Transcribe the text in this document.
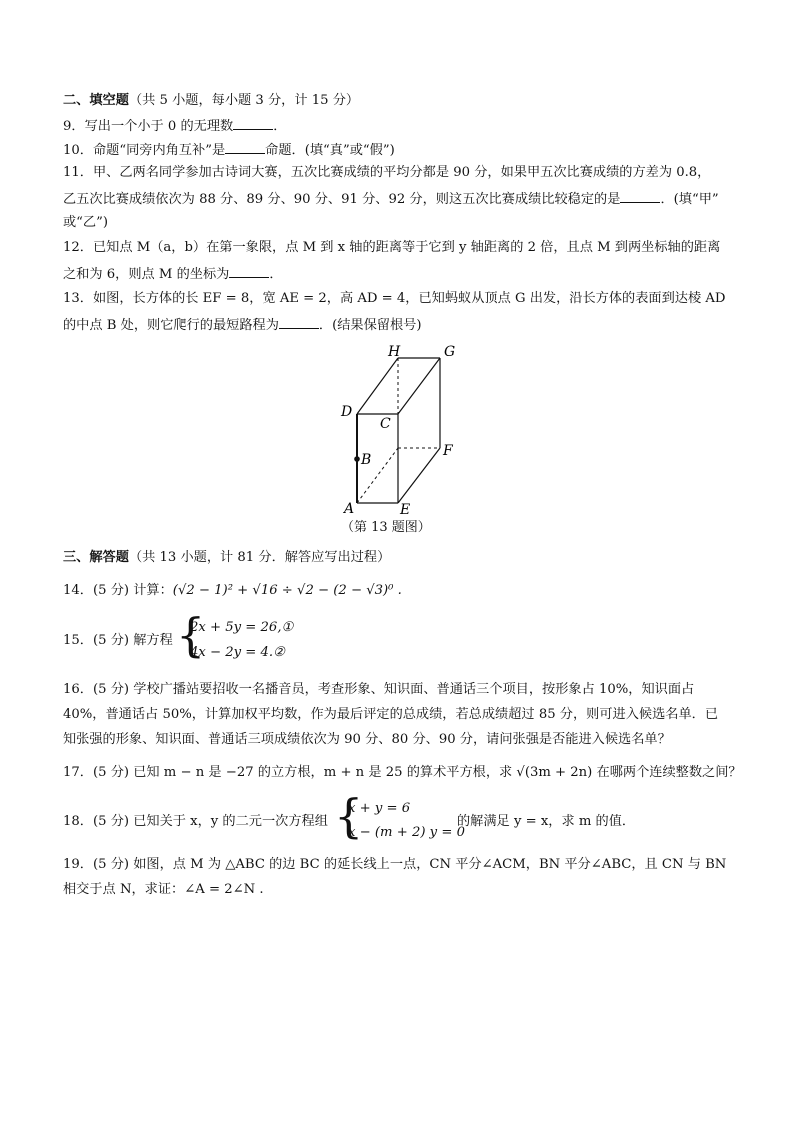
二、填空题（共 5 小题，每小题 3 分，计 15 分）
9．写出一个小于 0 的无理数	．
10．命题“同旁内角互补”是	命题．(填“真”或“假”)
11．甲、乙两名同学参加古诗词大赛，五次比赛成绩的平均分都是 90 分，如果甲五次比赛成绩的方差为 0.8，
乙五次比赛成绩依次为 88 分、89 分、90 分、91 分、92 分，则这五次比赛成绩比较稳定的是	．(填“甲”
或“乙”)
12．已知点 M（a，b）在第一象限，点 M 到 x 轴的距离等于它到 y 轴距离的 2 倍，且点 M 到两坐标轴的距离
之和为 6，则点 M 的坐标为	．
13．如图，长方体的长 EF = 8，宽 AE = 2，高 AD = 4，已知蚂蚁从顶点 G 出发，沿长方体的表面到达棱 AD
的中点 B 处，则它爬行的最短路程为	．(结果保留根号)
H	G
D
C
B
F
A	E
（第 13 题图）
三、解答题（共 13 小题，计 81 分．解答应写出过程）
14．(5 分) 计算：(√2 − 1)² + √16 ÷ √2 − (2 − √3)⁰ .
15．(5 分) 解方程 {
2x + 5y = 26,①
4x − 2y = 4.②
16．(5 分) 学校广播站要招收一名播音员，考查形象、知识面、普通话三个项目，按形象占 10%，知识面占
40%，普通话占 50%，计算加权平均数，作为最后评定的总成绩，若总成绩超过 85 分，则可进入候选名单．已
知张强的形象、知识面、普通话三项成绩依次为 90 分、80 分、90 分，请问张强是否能进入候选名单？
17．(5 分) 已知 m − n 是 −27 的立方根，m + n 是 25 的算术平方根，求 √(3m + 2n) 在哪两个连续整数之间？
18．(5 分) 已知关于 x，y 的二元一次方程组 {
x + y = 6
x − (m + 2) y = 0
的解满足 y = x，求 m 的值．
19．(5 分) 如图，点 M 为 △ABC 的边 BC 的延长线上一点，CN 平分∠ACM，BN 平分∠ABC，且 CN 与 BN
相交于点 N，求证：∠A = 2∠N .
